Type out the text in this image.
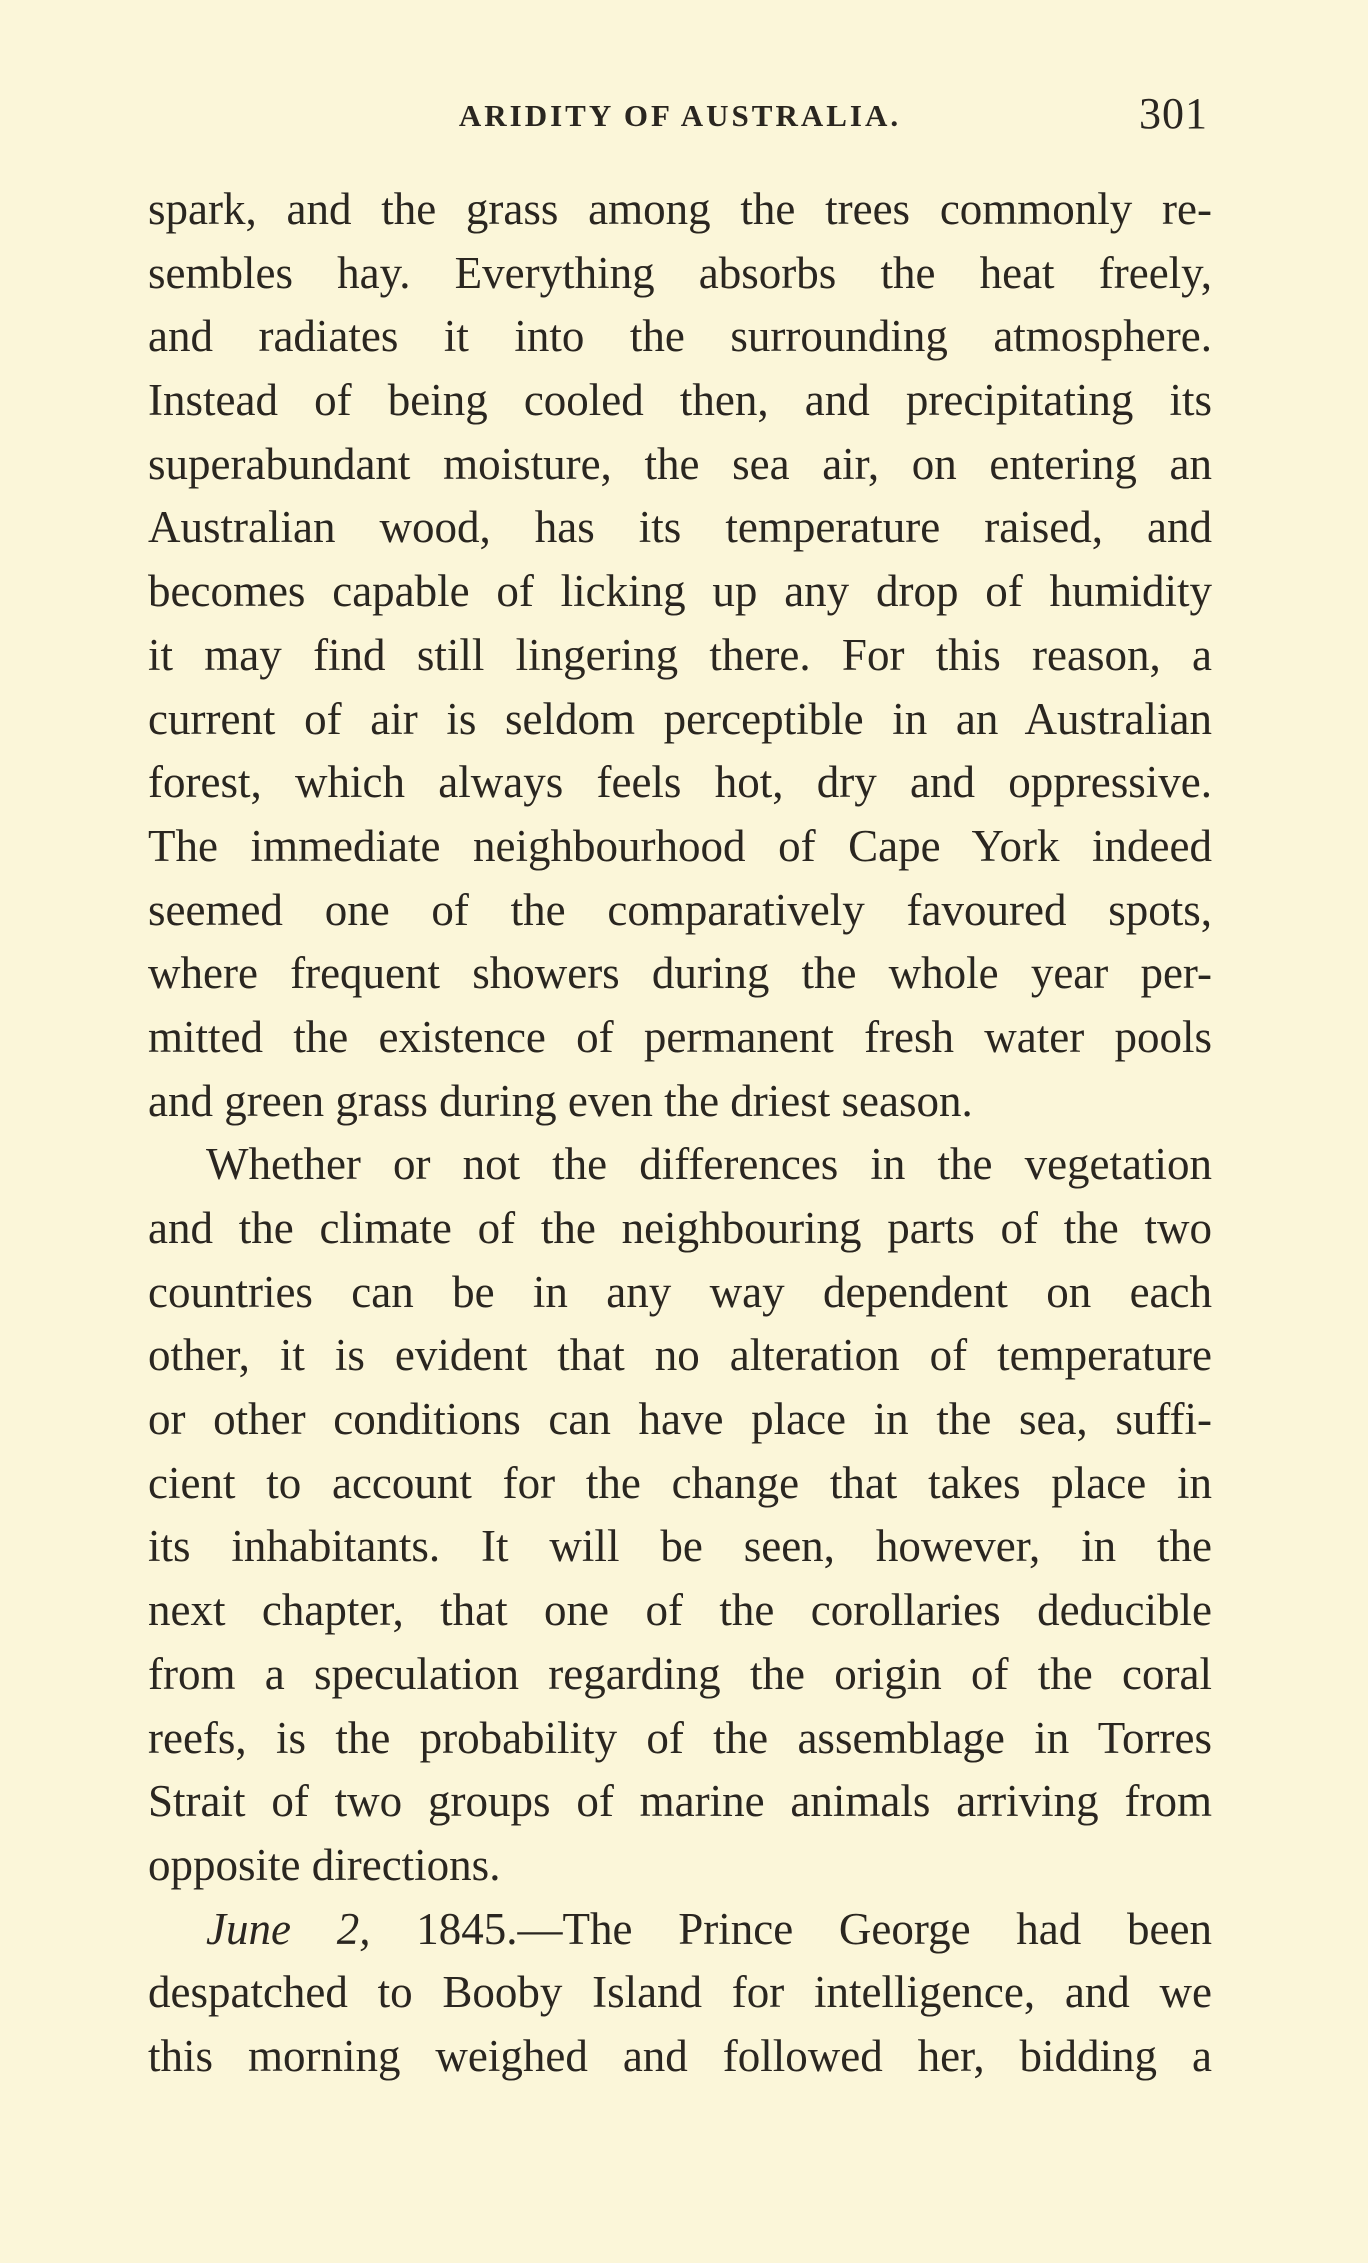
ARIDITY OF AUSTRALIA.	301
spark, and the grass among the trees commonly re-
sembles hay. Everything absorbs the heat freely,
and radiates it into the surrounding atmosphere.
Instead of being cooled then, and precipitating its
superabundant moisture, the sea air, on entering an
Australian wood, has its temperature raised, and
becomes capable of licking up any drop of humidity
it may find still lingering there. For this reason, a
current of air is seldom perceptible in an Australian
forest, which always feels hot, dry and oppressive.
The immediate neighbourhood of Cape York indeed
seemed one of the comparatively favoured spots,
where frequent showers during the whole year per-
mitted the existence of permanent fresh water pools
and green grass during even the driest season.
Whether or not the differences in the vegetation
and the climate of the neighbouring parts of the two
countries can be in any way dependent on each
other, it is evident that no alteration of temperature
or other conditions can have place in the sea, suffi-
cient to account for the change that takes place in
its inhabitants. It will be seen, however, in the
next chapter, that one of the corollaries deducible
from a speculation regarding the origin of the coral
reefs, is the probability of the assemblage in Torres
Strait of two groups of marine animals arriving from
opposite directions.
June 2, 1845.—The Prince George had been
despatched to Booby Island for intelligence, and we
this morning weighed and followed her, bidding a
